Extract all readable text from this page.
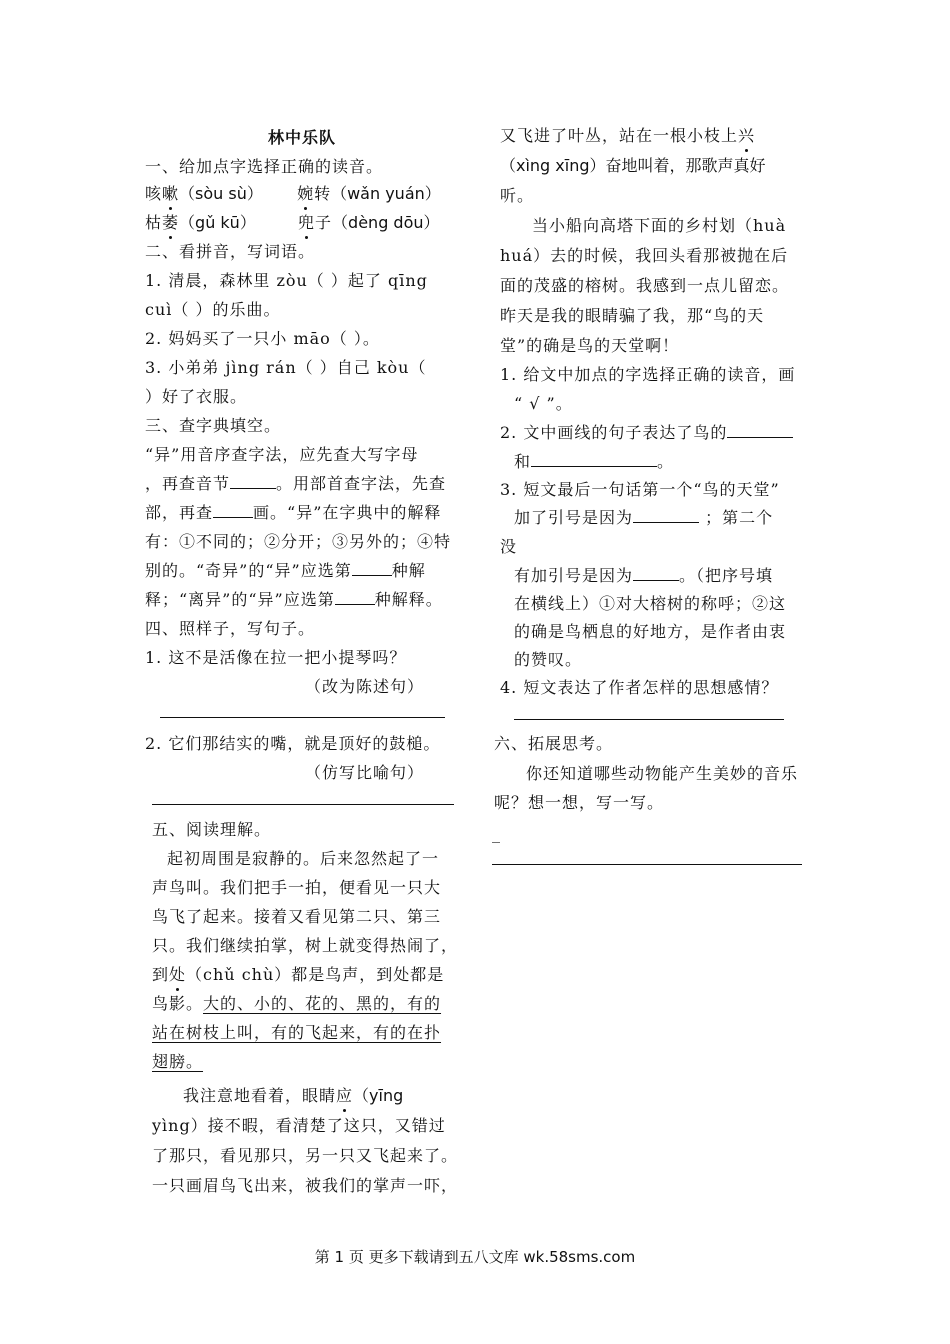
林中乐队
一、给加点字选择正确的读音。
咳嗽（sòu sù） 婉转（wǎn yuán）
枯萎（gǔ kū）	兜子（dèng dōu）
二、看拼音，写词语。
1. 清晨，森林里 zòu（ ）起了 qīng
cuì（ ）的乐曲。
2. 妈妈买了一只小 māo（ ）。
3. 小弟弟 jìng rán（ ）自己 kòu（
）好了衣服。
三、查字典填空。
“异”用音序查字法，应先查大写字母
，再查音节	。用部首查字法，先查
部，再查	画。“异”在字典中的解释
有：①不同的；②分开；③另外的；④特
别的。“奇异”的“异”应选第	种解
释；“离异”的“异”应选第	种解释。
四、照样子，写句子。
1. 这不是活像在拉一把小提琴吗？
（改为陈述句）
2. 它们那结实的嘴，就是顶好的鼓槌。
（仿写比喻句）
五、阅读理解。
起初周围是寂静的。后来忽然起了一
声鸟叫。我们把手一拍，便看见一只大
鸟飞了起来。接着又看见第二只、第三
只。我们继续拍掌，树上就变得热闹了，
到处（chǔ chù）都是鸟声，到处都是
鸟影。大的、小的、花的、黑的，有的
站在树枝上叫，有的飞起来，有的在扑
翅膀。
我注意地看着，眼睛应（yīng
yìng）接不暇，看清楚了这只，又错过
了那只，看见那只，另一只又飞起来了。
一只画眉鸟飞出来，被我们的掌声一吓，
又飞进了叶丛，站在一根小枝上兴
（xìng xīng）奋地叫着，那歌声真好
听。
当小船向高塔下面的乡村划（huà
huá）去的时候，我回头看那被抛在后
面的茂盛的榕树。我感到一点儿留恋。
昨天是我的眼睛骗了我，那“鸟的天
堂”的确是鸟的天堂啊！
1. 给文中加点的字选择正确的读音，画
“ √ ”。
2. 文中画线的句子表达了鸟的
和	。
3. 短文最后一句话第一个“鸟的天堂”
加了引号是因为	；第二个
没
有加引号是因为	。（把序号填
在横线上）①对大榕树的称呼；②这
的确是鸟栖息的好地方，是作者由衷
的赞叹。
4. 短文表达了作者怎样的思想感情？
六、拓展思考。
你还知道哪些动物能产生美妙的音乐
呢？想一想，写一写。
_
第 1 页 更多下载请到五八文库 wk.58sms.com
